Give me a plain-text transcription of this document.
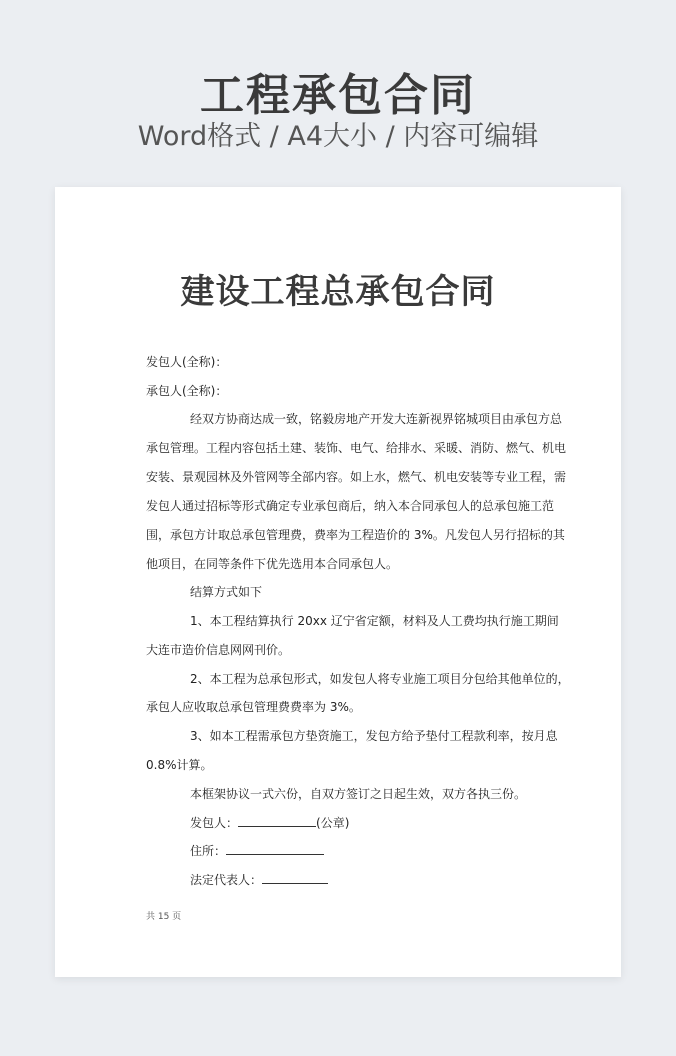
工程承包合同
Word格式 / A4大小 / 内容可编辑
建设工程总承包合同
发包人(全称)：
承包人(全称)：
经双方协商达成一致，铭毅房地产开发大连新视界铭城项目由承包方总
承包管理。工程内容包括土建、装饰、电气、给排水、采暖、消防、燃气、机电
安装、景观园林及外管网等全部内容。如上水，燃气、机电安装等专业工程，需
发包人通过招标等形式确定专业承包商后，纳入本合同承包人的总承包施工范
围，承包方计取总承包管理费，费率为工程造价的 3%。凡发包人另行招标的其
他项目，在同等条件下优先选用本合同承包人。
结算方式如下
1、本工程结算执行 20xx 辽宁省定额，材料及人工费均执行施工期间
大连市造价信息网网刊价。
2、本工程为总承包形式，如发包人将专业施工项目分包给其他单位的，
承包人应收取总承包管理费费率为 3%。
3、如本工程需承包方垫资施工，发包方给予垫付工程款利率，按月息
0.8%计算。
本框架协议一式六份，自双方签订之日起生效，双方各执三份。
发包人：	(公章)
住所：
法定代表人：
共 15 页
